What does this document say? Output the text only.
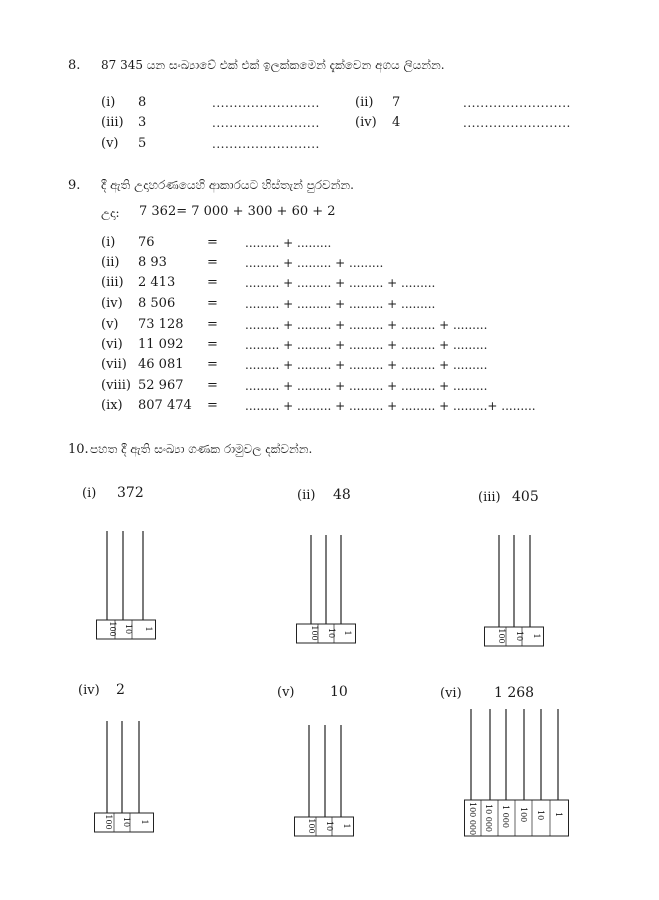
8. 87 345 යන සංඛ්‍යාවේ එක් එක් ඉලක්කමෙන් දැක්වෙන අගය ලියන්න.
(i) 8	.........................	(ii) 7	.........................
(iii) 3	.........................	(iv) 4	.........................
(v) 5	.........................
9. දී ඇති උදාහරණයෙහි ආකාරයට හිස්තැන් පුරවන්න.
උදා: 7 362= 7 000 + 300 + 60 + 2
(i) 76	= ......... + .........
(ii) 8 93	= ......... + ......... + .........
(iii) 2 413 = ......... + ......... + ......... + .........
(iv) 8 506 = ......... + ......... + ......... + .........
(v) 73 128 = ......... + ......... + ......... + ......... + .........
(vi) 11 092 = ......... + ......... + ......... + ......... + .........
(vii) 46 081 = ......... + ......... + ......... + ......... + .........
(viii) 52 967 = ......... + ......... + ......... + ......... + .........
(ix) 807 474 = ......... + ......... + ......... + ......... + .........+ .........
10. පහත දී ඇති සංඛ්‍යා ගණක රාමුවල දක්වන්න.
(i) 372
100 10 1
(ii) 48
100 10 1
(iii) 405
100 10 1
(iv) 2
100 10 1
(v)	10
100 10 1
(vi) 1 268
100 000 10 000 1 000 100 10 1
